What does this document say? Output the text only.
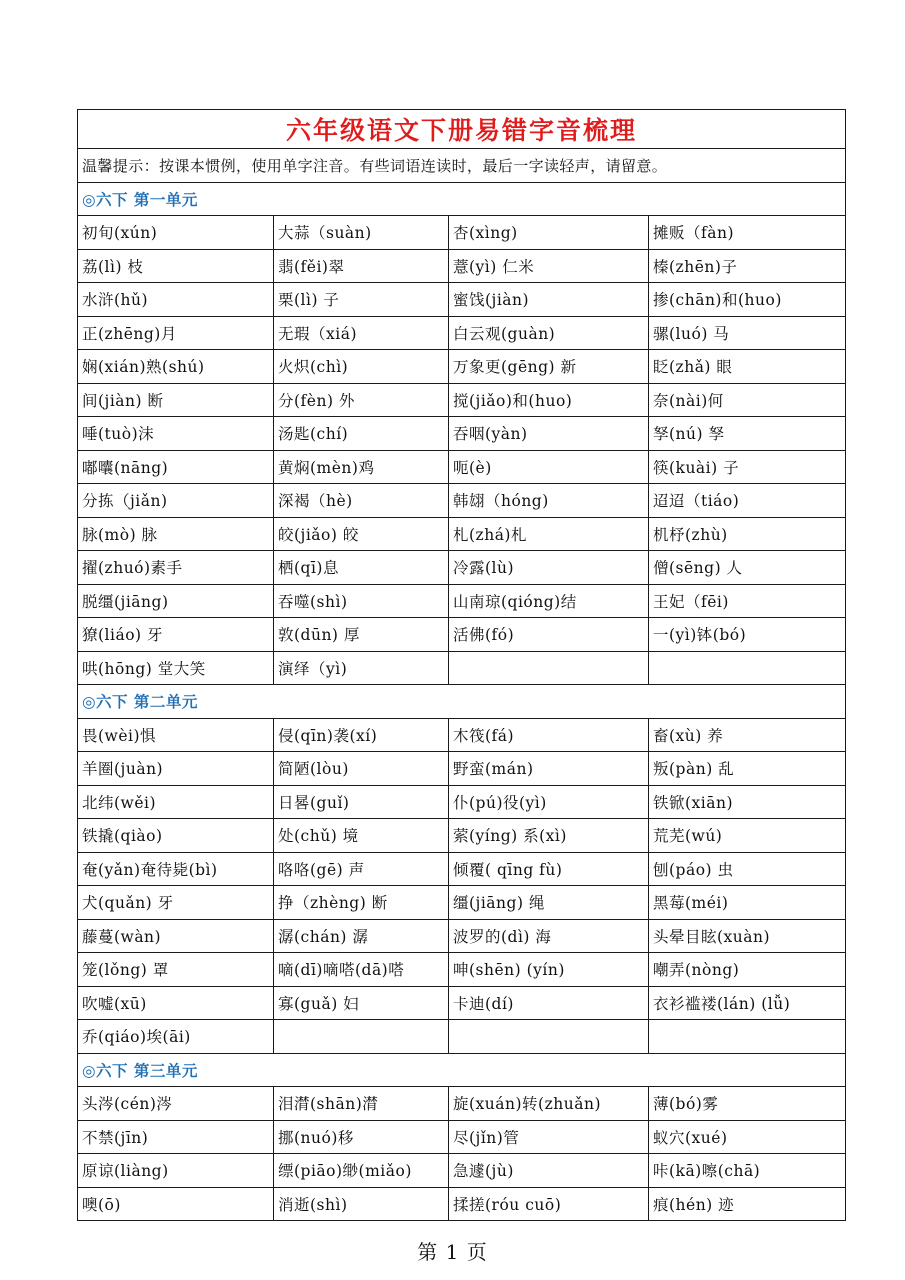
六年级语文下册易错字音梳理			
温馨提示：按课本惯例，使用单字注音。有些词语连读时，最后一字读轻声，请留意。			
◎六下 第一单元			
初旬(xún)	大蒜（suàn)	杏(xìng)	摊贩（fàn)
荔(lì) 枝	翡(fěi)翠	薏(yì) 仁米	榛(zhēn)子
水浒(hǔ)	栗(lì) 子	蜜饯(jiàn)	掺(chān)和(huo)
正(zhēng)月	无瑕（xiá)	白云观(guàn)	骡(luó) 马
娴(xián)熟(shú)	火炽(chì)	万象更(gēng) 新	眨(zhǎ) 眼
间(jiàn) 断	分(fèn) 外	搅(jiǎo)和(huo)	奈(nài)何
唾(tuò)沫	汤匙(chí)	吞咽(yàn)	孥(nú) 孥
嘟囔(nāng)	黄焖(mèn)鸡	呃(è)	筷(kuài) 子
分拣（jiǎn)	深褐（hè)	韩翃（hóng)	迢迢（tiáo)
脉(mò) 脉	皎(jiǎo) 皎	札(zhá)札	机杼(zhù)
擢(zhuó)素手	栖(qī)息	冷露(lù)	僧(sēng) 人
脱缰(jiāng)	吞噬(shì)	山南琼(qióng)结	王妃（fēi)
獠(liáo) 牙	敦(dūn) 厚	活佛(fó)	一(yì)钵(bó)
哄(hōng) 堂大笑	演绎（yì)		
◎六下 第二单元			
畏(wèi)惧	侵(qīn)袭(xí)	木筏(fá)	畜(xù) 养
羊圈(juàn)	简陋(lòu)	野蛮(mán)	叛(pàn) 乱
北纬(wěi)	日晷(guǐ)	仆(pú)役(yì)	铁锨(xiān)
铁撬(qiào)	处(chǔ) 境	萦(yíng) 系(xì)	荒芜(wú)
奄(yǎn)奄待毙(bì)	咯咯(gē) 声	倾覆( qīng fù)	刨(páo) 虫
犬(quǎn) 牙	挣（zhèng) 断	缰(jiāng) 绳	黑莓(méi)
藤蔓(wàn)	潺(chán) 潺	波罗的(dì) 海	头晕目眩(xuàn)
笼(lǒng) 罩	嘀(dī)嘀嗒(dā)嗒	呻(shēn) (yín)	嘲弄(nòng)
吹嘘(xū)	寡(guǎ) 妇	卡迪(dí)	衣衫褴褛(lán) (lǚ)
乔(qiáo)埃(āi)			
◎六下 第三单元			
头涔(cén)涔	泪潸(shān)潸	旋(xuán)转(zhuǎn)	薄(bó)雾
不禁(jīn)	挪(nuó)移	尽(jǐn)管	蚁穴(xué)
原谅(liàng)	缥(piāo)缈(miǎo)	急遽(jù)	咔(kā)嚓(chā)
噢(ō)	消逝(shì)	揉搓(róu cuō)	痕(hén) 迹
第 1 页
